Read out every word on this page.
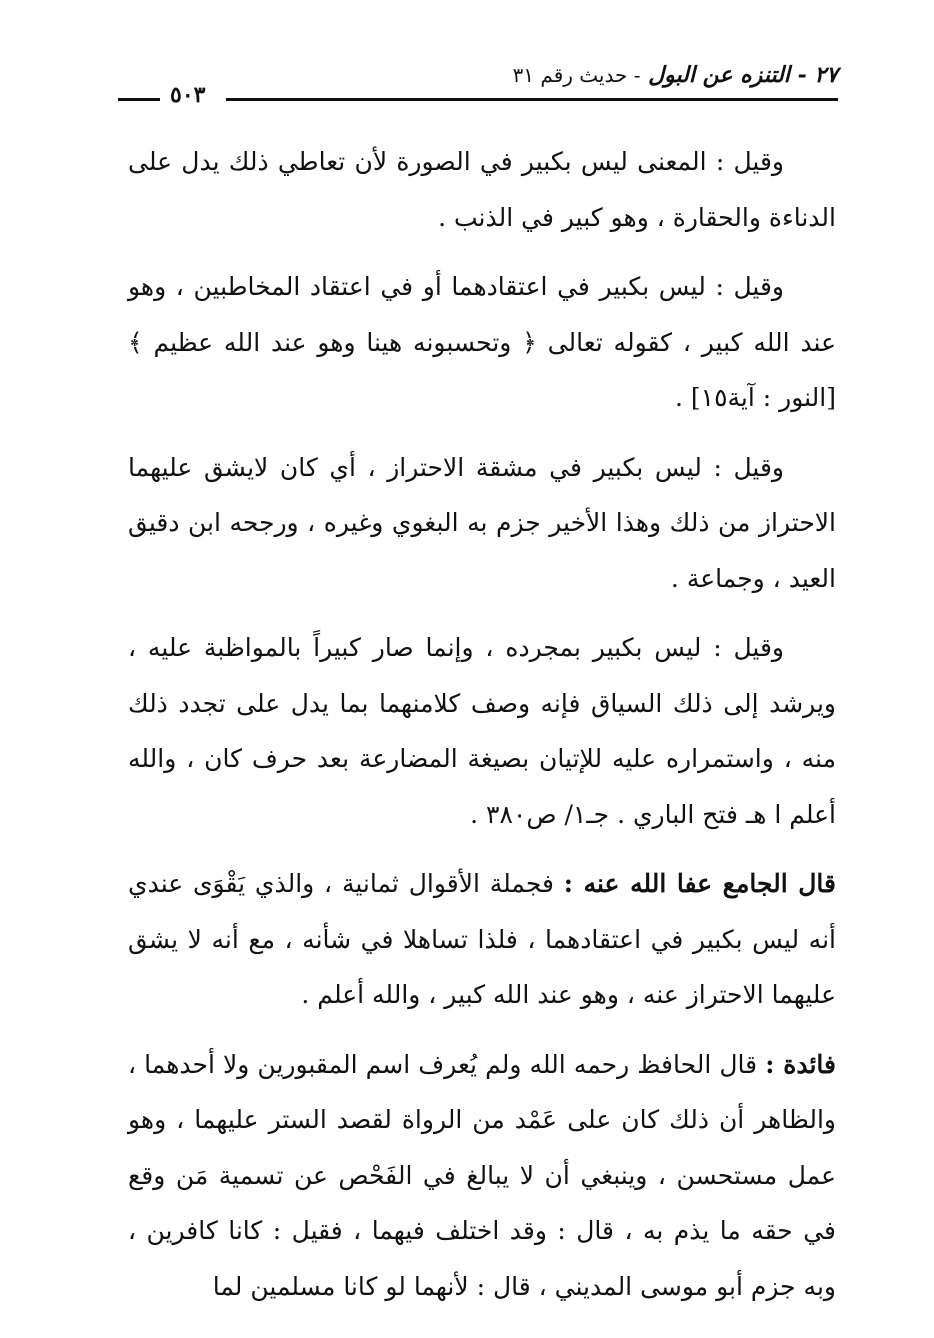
٢٧ - التنزه عن البول - حديث رقم ٣١
٥٠٣

وقيل : المعنى ليس بكبير في الصورة لأن تعاطي ذلك يدل على الدناءة والحقارة ، وهو كبير في الذنب .

وقيل : ليس بكبير في اعتقادهما أو في اعتقاد المخاطبين ، وهو عند الله كبير ، كقوله تعالى ﴿ وتحسبونه هينا وهو عند الله عظيم ﴾ [النور : آية١٥] .

وقيل : ليس بكبير في مشقة الاحتراز ، أي كان لايشق عليهما الاحتراز من ذلك وهذا الأخير جزم به البغوي وغيره ، ورجحه ابن دقيق العيد ، وجماعة .

وقيل : ليس بكبير بمجرده ، وإنما صار كبيراً بالمواظبة عليه ، ويرشد إلى ذلك السياق فإنه وصف كلامنهما بما يدل على تجدد ذلك منه ، واستمراره عليه للإتيان بصيغة المضارعة بعد حرف كان ، والله أعلم ا هـ فتح الباري . جـ١/ ص٣٨٠ .

قال الجامع عفا الله عنه : فجملة الأقوال ثمانية ، والذي يَقْوَى عندي أنه ليس بكبير في اعتقادهما ، فلذا تساهلا في شأنه ، مع أنه لا يشق عليهما الاحتراز عنه ، وهو عند الله كبير ، والله أعلم .

فائدة : قال الحافظ رحمه الله ولم يُعرف اسم المقبورين ولا أحدهما ، والظاهر أن ذلك كان على عَمْد من الرواة لقصد الستر عليهما ، وهو عمل مستحسن ، وينبغي أن لا يبالغ في الفَحْص عن تسمية مَن وقع في حقه ما يذم به ، قال : وقد اختلف فيهما ، فقيل : كانا كافرين ، وبه جزم أبو موسى المديني ، قال : لأنهما لو كانا مسلمين لما
